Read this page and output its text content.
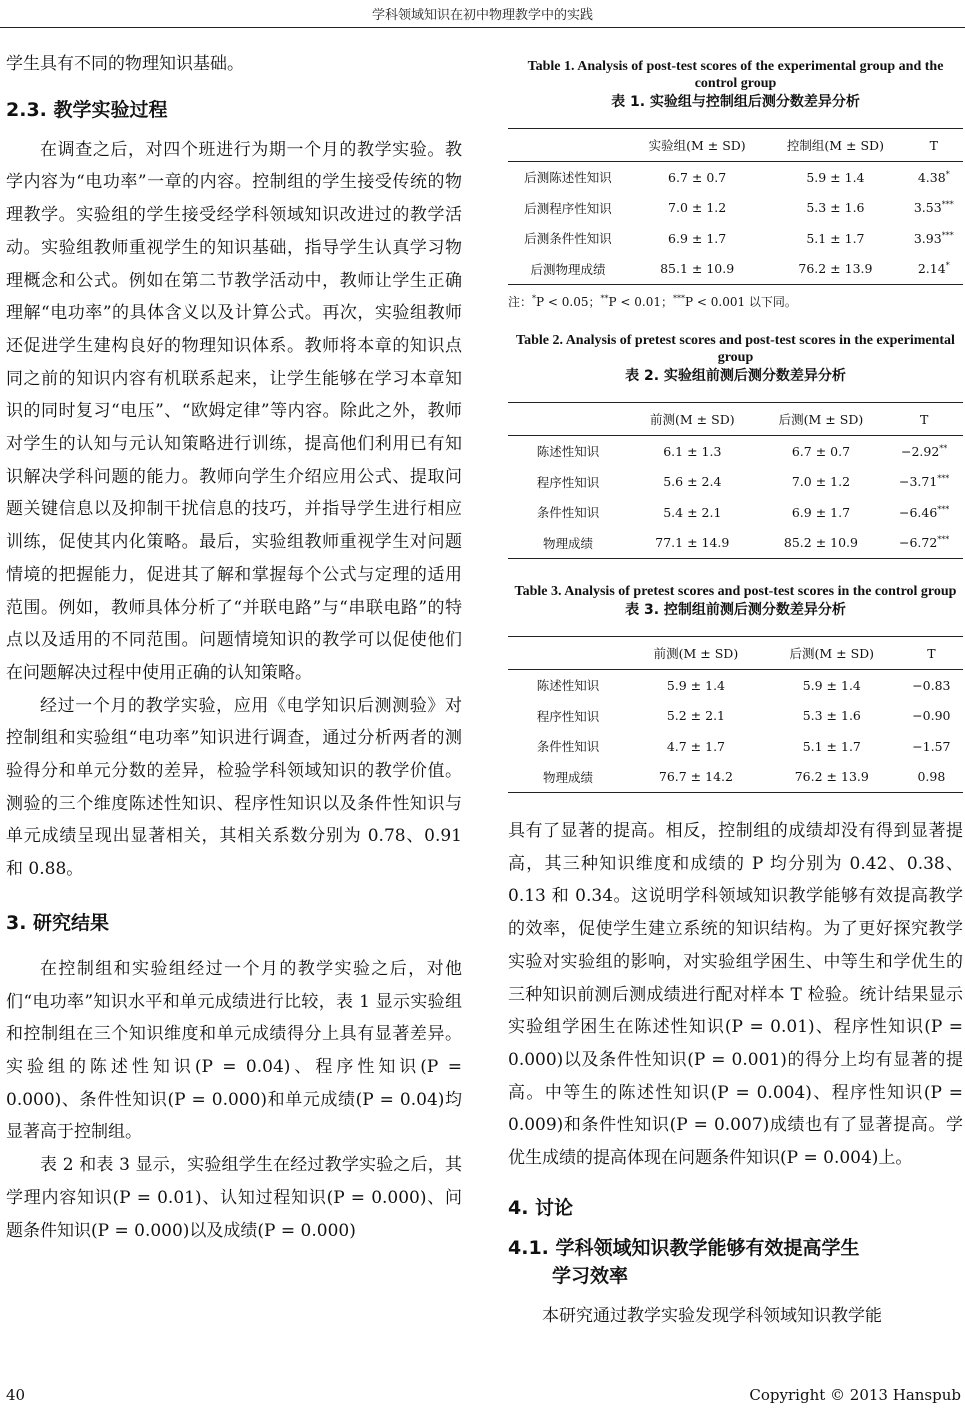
学科领域知识在初中物理教学中的实践

学生具有不同的物理知识基础。

2.3. 教学实验过程

在调查之后，对四个班进行为期一个月的教学实验。教学内容为“电功率”一章的内容。控制组的学生接受传统的物理教学。实验组的学生接受经学科领域知识改进过的教学活动。实验组教师重视学生的知识基础，指导学生认真学习物理概念和公式。例如在第二节教学活动中，教师让学生正确理解“电功率”的具体含义以及计算公式。再次，实验组教师还促进学生建构良好的物理知识体系。教师将本章的知识点同之前的知识内容有机联系起来，让学生能够在学习本章知识的同时复习“电压”、“欧姆定律”等内容。除此之外，教师对学生的认知与元认知策略进行训练，提高他们利用已有知识解决学科问题的能力。教师向学生介绍应用公式、提取问题关键信息以及抑制干扰信息的技巧，并指导学生进行相应训练，促使其内化策略。最后，实验组教师重视学生对问题情境的把握能力，促进其了解和掌握每个公式与定理的适用范围。例如，教师具体分析了“并联电路”与“串联电路”的特点以及适用的不同范围。问题情境知识的教学可以促使他们在问题解决过程中使用正确的认知策略。

经过一个月的教学实验，应用《电学知识后测测验》对控制组和实验组“电功率”知识进行调查，通过分析两者的测验得分和单元分数的差异，检验学科领域知识的教学价值。测验的三个维度陈述性知识、程序性知识以及条件性知识与单元成绩呈现出显著相关，其相关系数分别为 0.78、0.91 和 0.88。

3. 研究结果

在控制组和实验组经过一个月的教学实验之后，对他们“电功率”知识水平和单元成绩进行比较，表 1 显示实验组和控制组在三个知识维度和单元成绩得分上具有显著差异。实验组的陈述性知识(P = 0.04)、程序性知识(P = 0.000)、条件性知识(P = 0.000)和单元成绩(P = 0.04)均显著高于控制组。

表 2 和表 3 显示，实验组学生在经过教学实验之后，其学理内容知识(P = 0.01)、认知过程知识(P = 0.000)、问题条件知识(P = 0.000)以及成绩(P = 0.000)

Table 1. Analysis of post-test scores of the experimental group and the control group
表 1. 实验组与控制组后测分数差异分析
	实验组(M ± SD)	控制组(M ± SD)	T
后测陈述性知识	6.7 ± 0.7	5.9 ± 1.4	4.38*
后测程序性知识	7.0 ± 1.2	5.3 ± 1.6	3.53***
后测条件性知识	6.9 ± 1.7	5.1 ± 1.7	3.93***
后测物理成绩	85.1 ± 10.9	76.2 ± 13.9	2.14*
注：*P < 0.05；**P < 0.01；***P < 0.001 以下同。
Table 2. Analysis of pretest scores and post-test scores in the experimental group
表 2. 实验组前测后测分数差异分析
	前测(M ± SD)	后测(M ± SD)	T
陈述性知识	6.1 ± 1.3	6.7 ± 0.7	−2.92**
程序性知识	5.6 ± 2.4	7.0 ± 1.2	−3.71***
条件性知识	5.4 ± 2.1	6.9 ± 1.7	−6.46***
物理成绩	77.1 ± 14.9	85.2 ± 10.9	−6.72***
Table 3. Analysis of pretest scores and post-test scores in the control group
表 3. 控制组前测后测分数差异分析
	前测(M ± SD)	后测(M ± SD)	T
陈述性知识	5.9 ± 1.4	5.9 ± 1.4	−0.83
程序性知识	5.2 ± 2.1	5.3 ± 1.6	−0.90
条件性知识	4.7 ± 1.7	5.1 ± 1.7	−1.57
物理成绩	76.7 ± 14.2	76.2 ± 13.9	0.98

具有了显著的提高。相反，控制组的成绩却没有得到显著提高，其三种知识维度和成绩的 P 均分别为 0.42、0.38、0.13 和 0.34。这说明学科领域知识教学能够有效提高教学的效率，促使学生建立系统的知识结构。为了更好探究教学实验对实验组的影响，对实验组学困生、中等生和学优生的三种知识前测后测成绩进行配对样本 T 检验。统计结果显示实验组学困生在陈述性知识(P = 0.01)、程序性知识(P = 0.000)以及条件性知识(P = 0.001)的得分上均有显著的提高。中等生的陈述性知识(P = 0.004)、程序性知识(P = 0.009)和条件性知识(P = 0.007)成绩也有了显著提高。学优生成绩的提高体现在问题条件知识(P = 0.004)上。

4. 讨论
4.1. 学科领域知识教学能够有效提高学生
学习效率

本研究通过教学实验发现学科领域知识教学能

40	Copyright © 2013 Hanspub
